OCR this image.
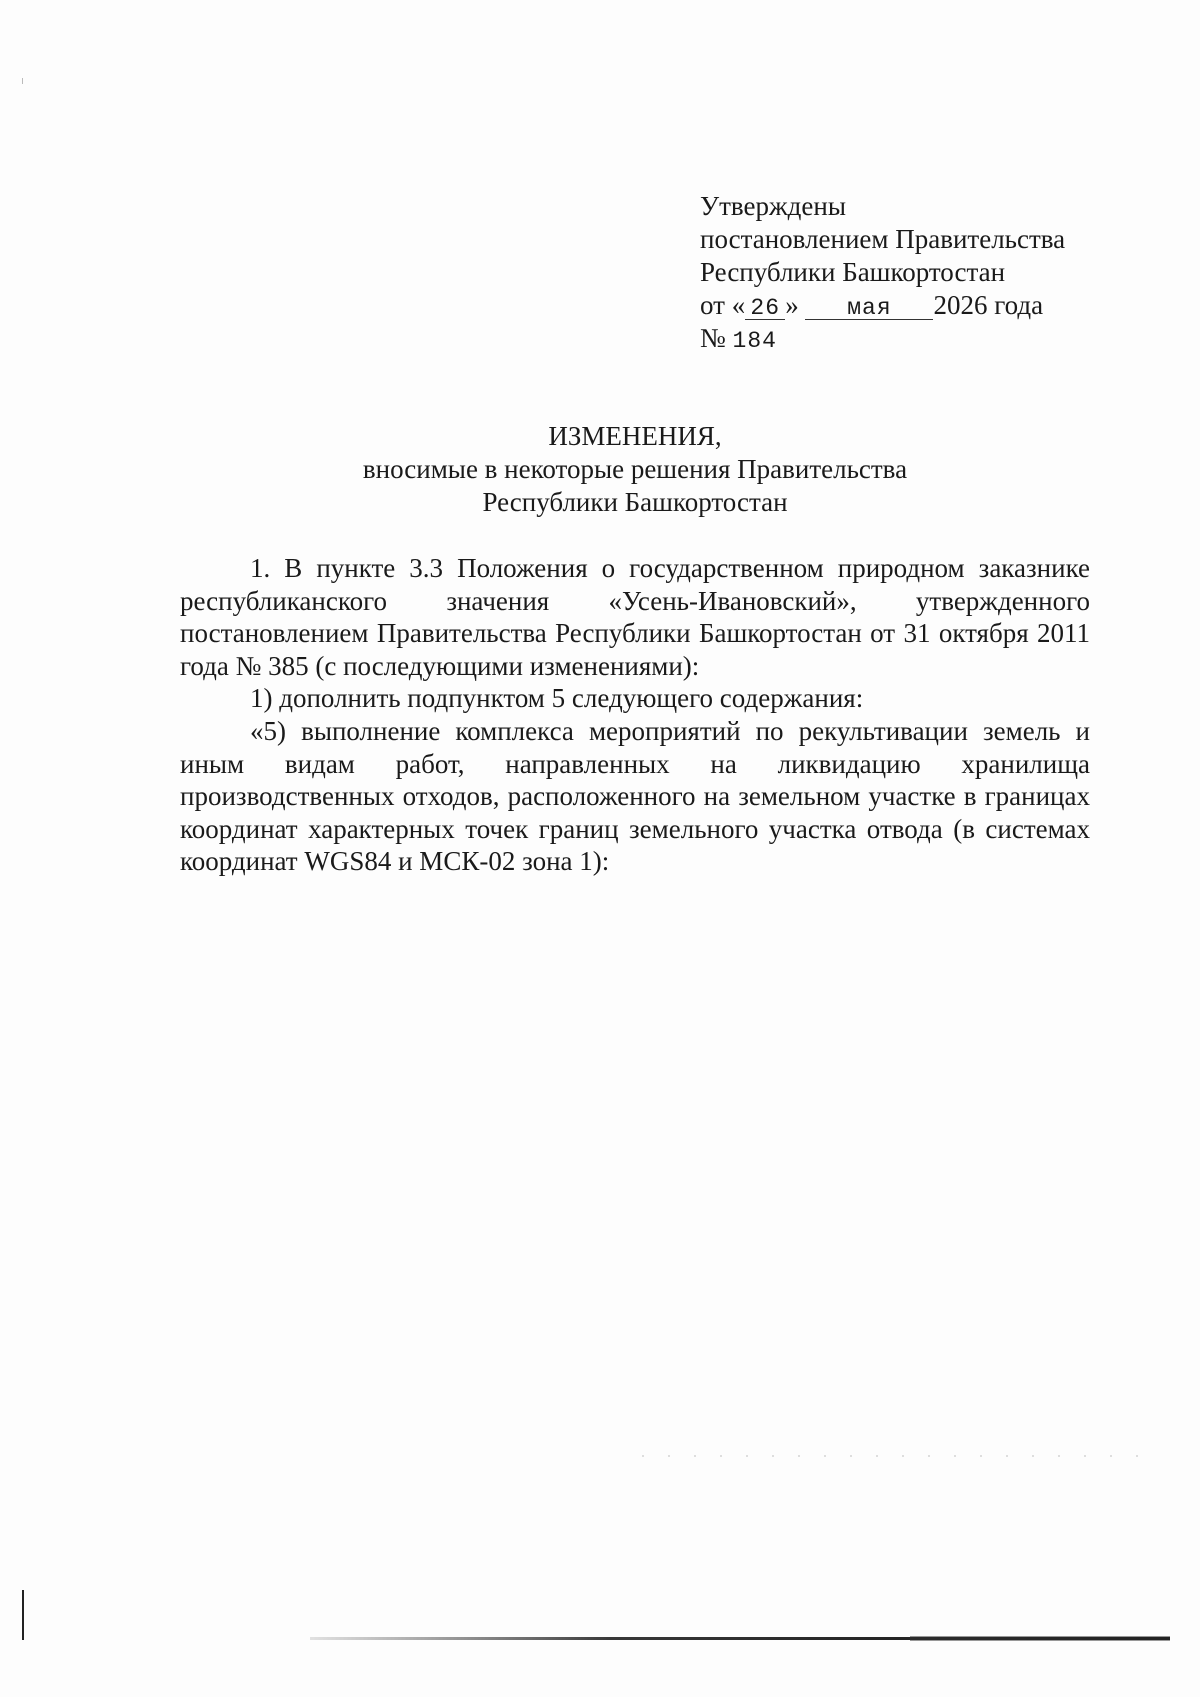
Утверждены
постановлением Правительства
Республики Башкортостан
от « 26 » мая 2026 года
№ 184
ИЗМЕНЕНИЯ,
вносимые в некоторые решения Правительства
Республики Башкортостан

1. В пункте 3.3 Положения о государственном природном заказнике республиканского значения «Усень-Ивановский», утвержденного постановлением Правительства Республики Башкортостан от 31 октября 2011 года № 385 (с последующими изменениями):

1) дополнить подпунктом 5 следующего содержания:

«5) выполнение комплекса мероприятий по рекультивации земель и иным видам работ, направленных на ликвидацию хранилища производственных отходов, расположенного на земельном участке в границах координат характерных точек границ земельного участка отвода (в системах координат WGS84 и МСК-02 зона 1):
